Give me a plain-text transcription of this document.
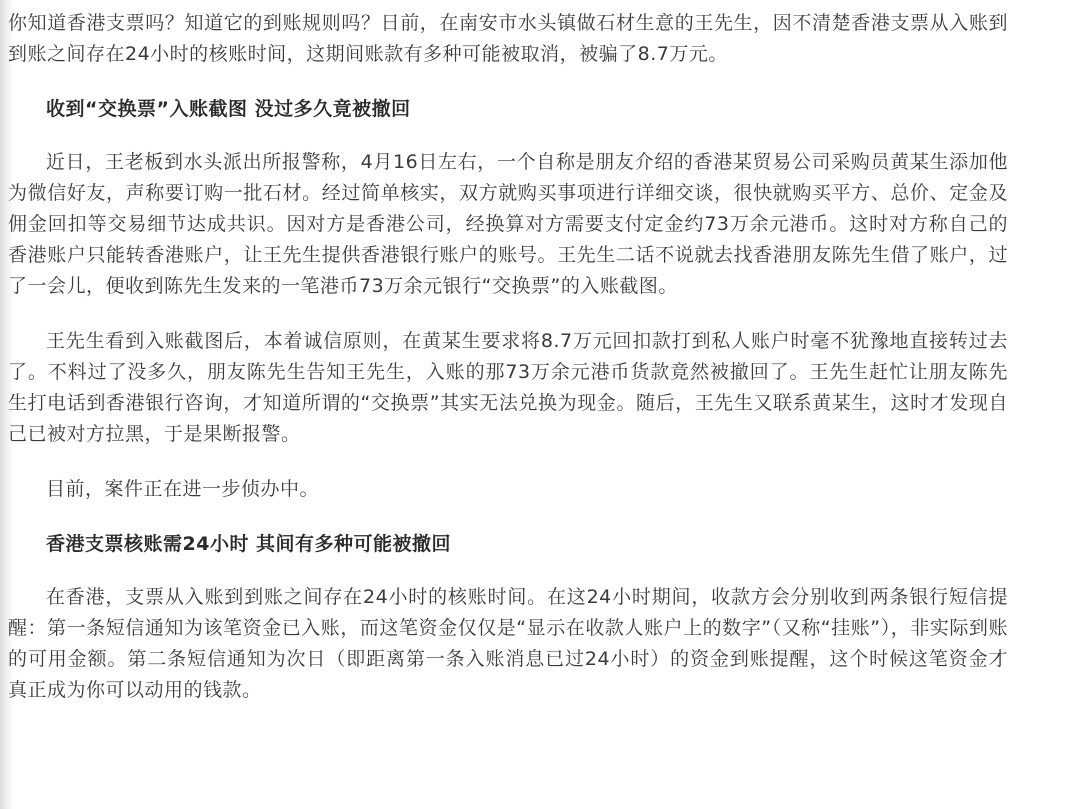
你知道香港支票吗？知道它的到账规则吗？日前，在南安市水头镇做石材生意的王先生，因不清楚香港支票从入账到到账之间存在24小时的核账时间，这期间账款有多种可能被取消，被骗了8.7万元。

收到“交换票”入账截图 没过多久竟被撤回

近日，王老板到水头派出所报警称，4月16日左右，一个自称是朋友介绍的香港某贸易公司采购员黄某生添加他为微信好友，声称要订购一批石材。经过简单核实，双方就购买事项进行详细交谈，很快就购买平方、总价、定金及佣金回扣等交易细节达成共识。因对方是香港公司，经换算对方需要支付定金约73万余元港币。这时对方称自己的香港账户只能转香港账户，让王先生提供香港银行账户的账号。王先生二话不说就去找香港朋友陈先生借了账户，过了一会儿，便收到陈先生发来的一笔港币73万余元银行“交换票”的入账截图。

王先生看到入账截图后，本着诚信原则，在黄某生要求将8.7万元回扣款打到私人账户时毫不犹豫地直接转过去了。不料过了没多久，朋友陈先生告知王先生，入账的那73万余元港币货款竟然被撤回了。王先生赶忙让朋友陈先生打电话到香港银行咨询，才知道所谓的“交换票”其实无法兑换为现金。随后，王先生又联系黄某生，这时才发现自己已被对方拉黑，于是果断报警。

目前，案件正在进一步侦办中。

香港支票核账需24小时 其间有多种可能被撤回

在香港，支票从入账到到账之间存在24小时的核账时间。在这24小时期间，收款方会分别收到两条银行短信提醒：第一条短信通知为该笔资金已入账，而这笔资金仅仅是“显示在收款人账户上的数字”（又称“挂账”），非实际到账的可用金额。第二条短信通知为次日（即距离第一条入账消息已过24小时）的资金到账提醒，这个时候这笔资金才真正成为你可以动用的钱款。
